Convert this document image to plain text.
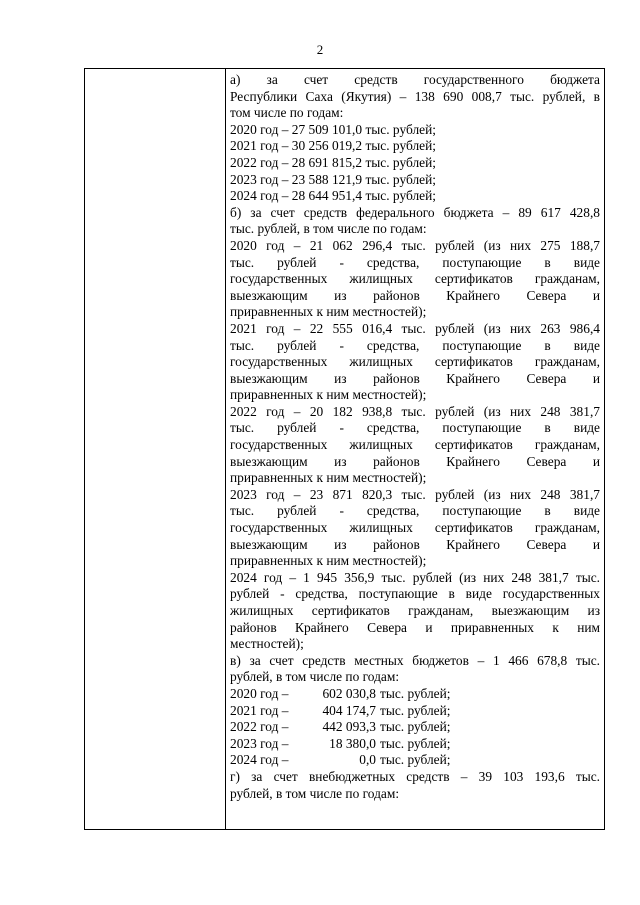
2

а) за счет средств государственного бюджета

Республики Саха (Якутия) – 138 690 008,7 тыс. рублей, в

том числе по годам:

2020 год – 27 509 101,0 тыс. рублей;

2021 год – 30 256 019,2 тыс. рублей;

2022 год – 28 691 815,2 тыс. рублей;

2023 год – 23 588 121,9 тыс. рублей;

2024 год – 28 644 951,4 тыс. рублей;

б) за счет средств федерального бюджета – 89 617 428,8

тыс. рублей, в том числе по годам:

2020 год – 21 062 296,4 тыс. рублей (из них 275 188,7

тыс. рублей - средства, поступающие в виде

государственных жилищных сертификатов гражданам,

выезжающим из районов Крайнего Севера и

приравненных к ним местностей);

2021 год – 22 555 016,4 тыс. рублей (из них 263 986,4

тыс. рублей - средства, поступающие в виде

государственных жилищных сертификатов гражданам,

выезжающим из районов Крайнего Севера и

приравненных к ним местностей);

2022 год – 20 182 938,8 тыс. рублей (из них 248 381,7

тыс. рублей - средства, поступающие в виде

государственных жилищных сертификатов гражданам,

выезжающим из районов Крайнего Севера и

приравненных к ним местностей);

2023 год – 23 871 820,3 тыс. рублей (из них 248 381,7

тыс. рублей - средства, поступающие в виде

государственных жилищных сертификатов гражданам,

выезжающим из районов Крайнего Севера и

приравненных к ним местностей);

2024 год – 1 945 356,9 тыс. рублей (из них 248 381,7 тыс.

рублей - средства, поступающие в виде государственных

жилищных сертификатов гражданам, выезжающим из

районов Крайнего Севера и приравненных к ним

местностей);

в) за счет средств местных бюджетов – 1 466 678,8 тыс.

рублей, в том числе по годам:

2020 год –	602 030,8 тыс. рублей;
2021 год –	404 174,7 тыс. рублей;
2022 год –	442 093,3 тыс. рублей;
2023 год –	18 380,0 тыс. рублей;
2024 год –	0,0 тыс. рублей;

г) за счет внебюджетных средств – 39 103 193,6 тыс.

рублей, в том числе по годам:
